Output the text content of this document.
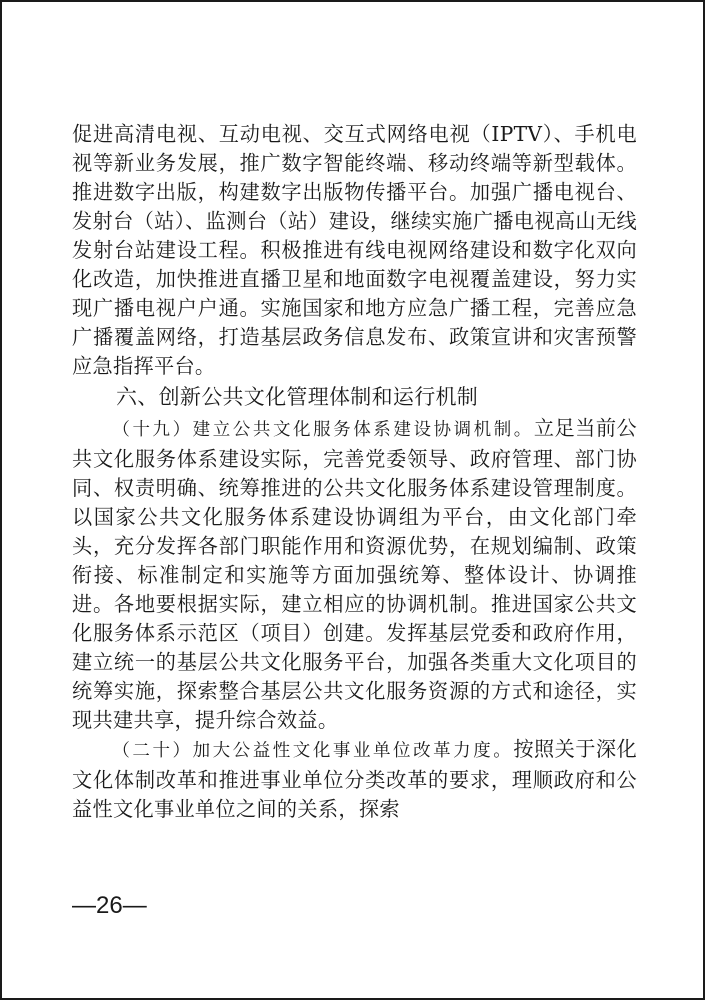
促进高清电视、互动电视、交互式网络电视（IPTV）、手机电视等新业务发展，推广数字智能终端、移动终端等新型载体。推进数字出版，构建数字出版物传播平台。加强广播电视台、发射台（站）、监测台（站）建设，继续实施广播电视高山无线发射台站建设工程。积极推进有线电视网络建设和数字化双向化改造，加快推进直播卫星和地面数字电视覆盖建设，努力实现广播电视户户通。实施国家和地方应急广播工程，完善应急广播覆盖网络，打造基层政务信息发布、政策宣讲和灾害预警应急指挥平台。

六、创新公共文化管理体制和运行机制

（十九）建立公共文化服务体系建设协调机制。立足当前公共文化服务体系建设实际，完善党委领导、政府管理、部门协同、权责明确、统筹推进的公共文化服务体系建设管理制度。以国家公共文化服务体系建设协调组为平台，由文化部门牵头，充分发挥各部门职能作用和资源优势，在规划编制、政策衔接、标准制定和实施等方面加强统筹、整体设计、协调推进。各地要根据实际，建立相应的协调机制。推进国家公共文化服务体系示范区（项目）创建。发挥基层党委和政府作用，建立统一的基层公共文化服务平台，加强各类重大文化项目的统筹实施，探索整合基层公共文化服务资源的方式和途径，实现共建共享，提升综合效益。

（二十）加大公益性文化事业单位改革力度。按照关于深化文化体制改革和推进事业单位分类改革的要求，理顺政府和公益性文化事业单位之间的关系，探索

—26—
